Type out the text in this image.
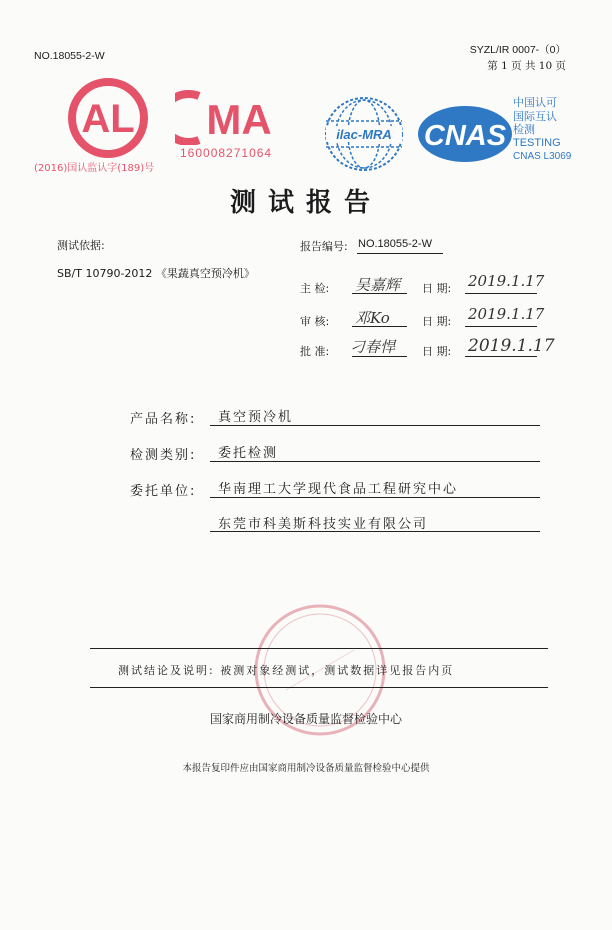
NO.18055-2-W	SYZL/IR 0007-（0）
第 1 页 共 10 页
AL
(2016)国认监认字(189)号
MA
160008271064
ilac-MRA CNAS
中国认可
国际互认
检测
TESTING
CNAS L3069
测试报告
测试依据:
SB/T 10790-2012 《果蔬真空预冷机》
报告编号: NO.18055-2-W
主 检: 吴嘉辉 日 期: 2019.1.17
审 核: 邓Ko	日 期: 2019.1.17
批 准: 刁春悍 日 期: 2019.1.17
产品名称: 真空预冷机
检测类别: 委托检测
委托单位: 华南理工大学现代食品工程研究中心
东莞市科美斯科技实业有限公司
测试结论及说明: 被测对象经测试，测试数据详见报告内页
国家商用制冷设备质量监督检验中心
本报告复印件应由国家商用制冷设备质量监督检验中心提供
